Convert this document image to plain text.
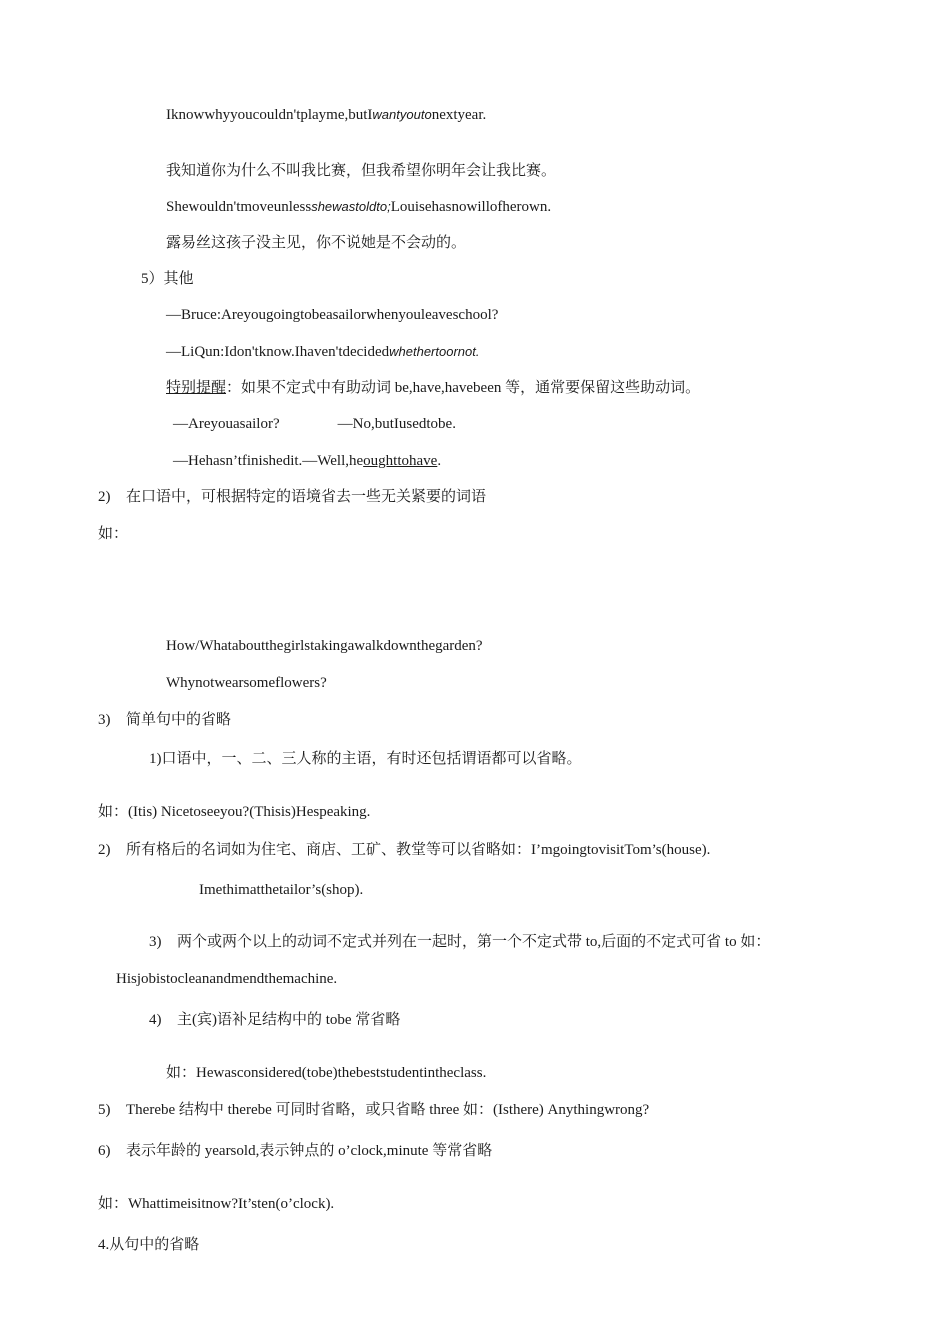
Iknowwhyyoucouldn'tplayme,butIwantyoutonextyear.
我知道你为什么不叫我比赛，但我希望你明年会让我比赛。
Shewouldn'tmoveunlessshewastoldto;Louisehasnowillofherown.
露易丝这孩子没主见，你不说她是不会动的。
5）其他
—Bruce:Areyougoingtobeasailorwhenyouleaveschool?
—LiQun:Idon'tknow.Ihaven'tdecidedwhethertoornot.
特别提醒：如果不定式中有助动词 be,have,havebeen 等，通常要保留这些助动词。
—Areyouasailor?	—No,butIusedtobe.
—Hehasn’tfinishedit.—Well,heoughttohave.
2) 在口语中，可根据特定的语境省去一些无关紧要的词语
如：
How/Whataboutthegirlstakingawalkdownthegarden?
Whynotwearsomeflowers?
3) 简单句中的省略
1)口语中，一、二、三人称的主语，有时还包括谓语都可以省略。
如：(Itis) Nicetoseeyou?(Thisis)Hespeaking.
2) 所有格后的名词如为住宅、商店、工矿、教堂等可以省略如：I’mgoingtovisitTom’s(house).
Imethimatthetailor’s(shop).
3) 两个或两个以上的动词不定式并列在一起时，第一个不定式带 to,后面的不定式可省 to 如：
Hisjobistocleanandmendthemachine.
4) 主(宾)语补足结构中的 tobe 常省略
如：Hewasconsidered(tobe)thebeststudentintheclass.
5) Therebe 结构中 therebe 可同时省略，或只省略 three 如：(Isthere) Anythingwrong?
6) 表示年龄的 yearsold,表示钟点的 o’clock,minute 等常省略
如：Whattimeisitnow?It’sten(o’clock).
4.从句中的省略
